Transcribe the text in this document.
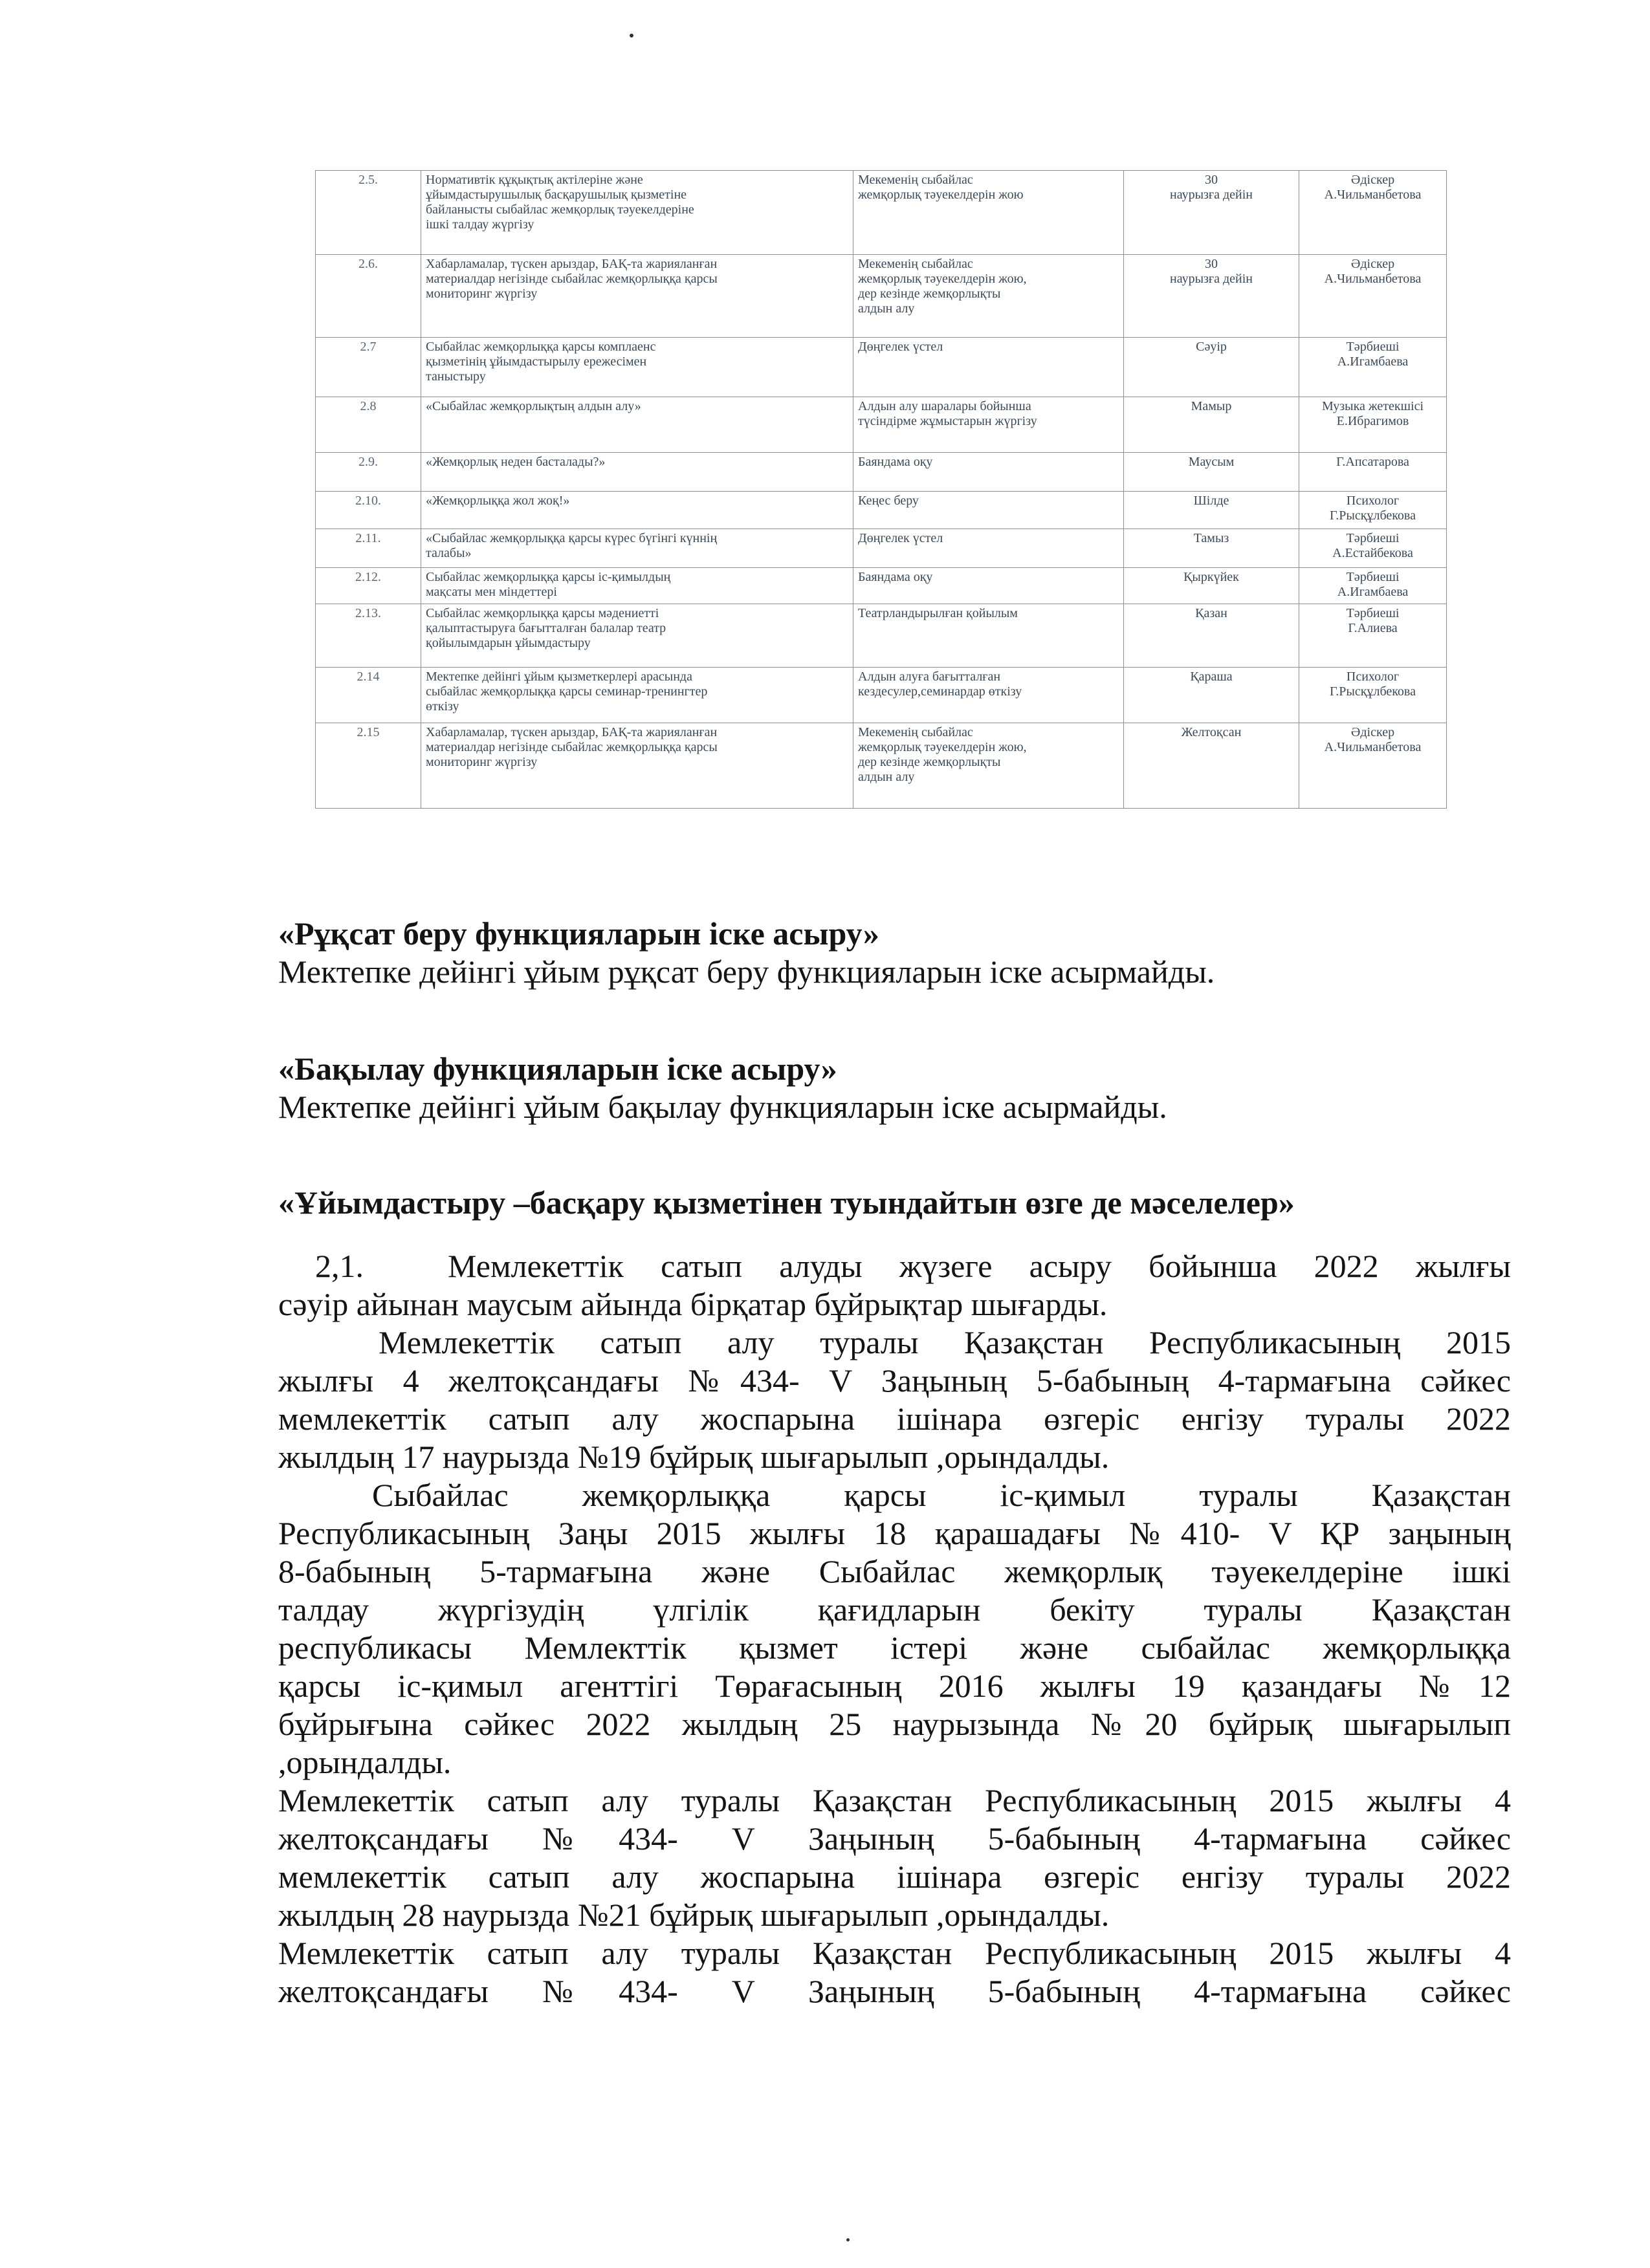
2.5.	Нормативтік құқықтық актілеріне және
ұйымдастырушылық басқарушылық қызметіне
байланысты сыбайлас жемқорлық тәуекелдеріне
ішкі талдау жүргізу	Мекеменің сыбайлас
жемқорлық тәуекелдерін жою	30
наурызға дейін	Әдіскер
А.Чильманбетова

2.6.	Хабарламалар, түскен арыздар, БАҚ-та жарияланған
материалдар негізінде сыбайлас жемқорлыққа қарсы
мониторинг жүргізу	Мекеменің сыбайлас
жемқорлық тәуекелдерін жою,
дер кезінде жемқорлықты
алдын алу	30
наурызға дейін	Әдіскер
А.Чильманбетова

2.7	Сыбайлас жемқорлыққа қарсы комплаенс
қызметінің ұйымдастырылу ережесімен
таныстыру	Дөңгелек үстел	Сәуір	Тәрбиеші
А.Игамбаева

2.8	«Сыбайлас жемқорлықтың алдын алу»	Алдын алу шаралары бойынша
түсіндірме жұмыстарын жүргізу	Мамыр	Музыка жетекшісі
Е.Ибрагимов

2.9.	«Жемқорлық неден басталады?»	Баяндама оқу	Маусым	Г.Апсатарова

2.10.	«Жемқорлыққа жол жоқ!»	Кеңес беру	Шілде	Психолог
Г.Рысқұлбекова

2.11.	«Сыбайлас жемқорлыққа қарсы күрес бүгінгі күннің
талабы»	Дөңгелек үстел	Тамыз	Тәрбиеші
А.Естайбекова

2.12.	Сыбайлас жемқорлыққа қарсы іс-қимылдың
мақсаты мен міндеттері	Баяндама оқу	Қыркүйек	Тәрбиеші
А.Игамбаева

2.13.	Сыбайлас жемқорлыққа қарсы мәдениетті
қалыптастыруға бағытталған балалар театр
қойылымдарын ұйымдастыру	Театрландырылған қойылым	Қазан	Тәрбиеші
Г.Алиева

2.14	Мектепке дейінгі ұйым қызметкерлері арасында
сыбайлас жемқорлыққа қарсы семинар-тренингтер
өткізу	Алдын алуға бағытталған
кездесулер,семинардар өткізу	Қараша	Психолог
Г.Рысқұлбекова

2.15	Хабарламалар, түскен арыздар, БАҚ-та жарияланған
материалдар негізінде сыбайлас жемқорлыққа қарсы
мониторинг жүргізу	Мекеменің сыбайлас
жемқорлық тәуекелдерін жою,
дер кезінде жемқорлықты
алдын алу	Желтоқсан	Әдіскер
А.Чильманбетова
«Рұқсат беру функцияларын іске асыру»
Мектепке дейінгі ұйым рұқсат беру функцияларын іске асырмайды.
«Бақылау функцияларын іске асыру»
Мектепке дейінгі ұйым бақылау функцияларын іске асырмайды.
«Ұйымдастыру –басқару қызметінен туындайтын өзге де мәселелер»
2,1.	Мемлекеттік сатып алуды жүзеге асыру бойынша 2022 жылғы
сәуір айынан маусым айында бірқатар бұйрықтар шығарды.
Мемлекеттік сатып алу туралы Қазақстан Республикасының 2015
жылғы 4 желтоқсандағы №434- V Заңының 5-бабының 4-тармағына сәйкес
мемлекеттік сатып алу жоспарына ішінара өзгеріс енгізу туралы 2022
жылдың 17 наурызда №19 бұйрық шығарылып ,орындалды.
Сыбайлас жемқорлыққа қарсы іс-қимыл туралы Қазақстан
Республикасының Заңы 2015 жылғы 18 қарашадағы №410- V ҚР заңының
8-бабының 5-тармағына және Сыбайлас жемқорлық тәуекелдеріне ішкі
талдау жүргізудің үлгілік қағидларын бекіту туралы Қазақстан
республикасы Мемлекттік қызмет істері және сыбайлас жемқорлыққа
қарсы іс-қимыл агенттігі Төрағасының 2016 жылғы 19 қазандағы №12
бұйрығына сәйкес 2022 жылдың 25 наурызында №20 бұйрық шығарылып
,орындалды.
Мемлекеттік сатып алу туралы Қазақстан Республикасының 2015 жылғы 4
желтоқсандағы №434- V Заңының 5-бабының 4-тармағына сәйкес
мемлекеттік сатып алу жоспарына ішінара өзгеріс енгізу туралы 2022
жылдың 28 наурызда №21 бұйрық шығарылып ,орындалды.
Мемлекеттік сатып алу туралы Қазақстан Республикасының 2015 жылғы 4
желтоқсандағы №434- V Заңының 5-бабының 4-тармағына сәйкес
